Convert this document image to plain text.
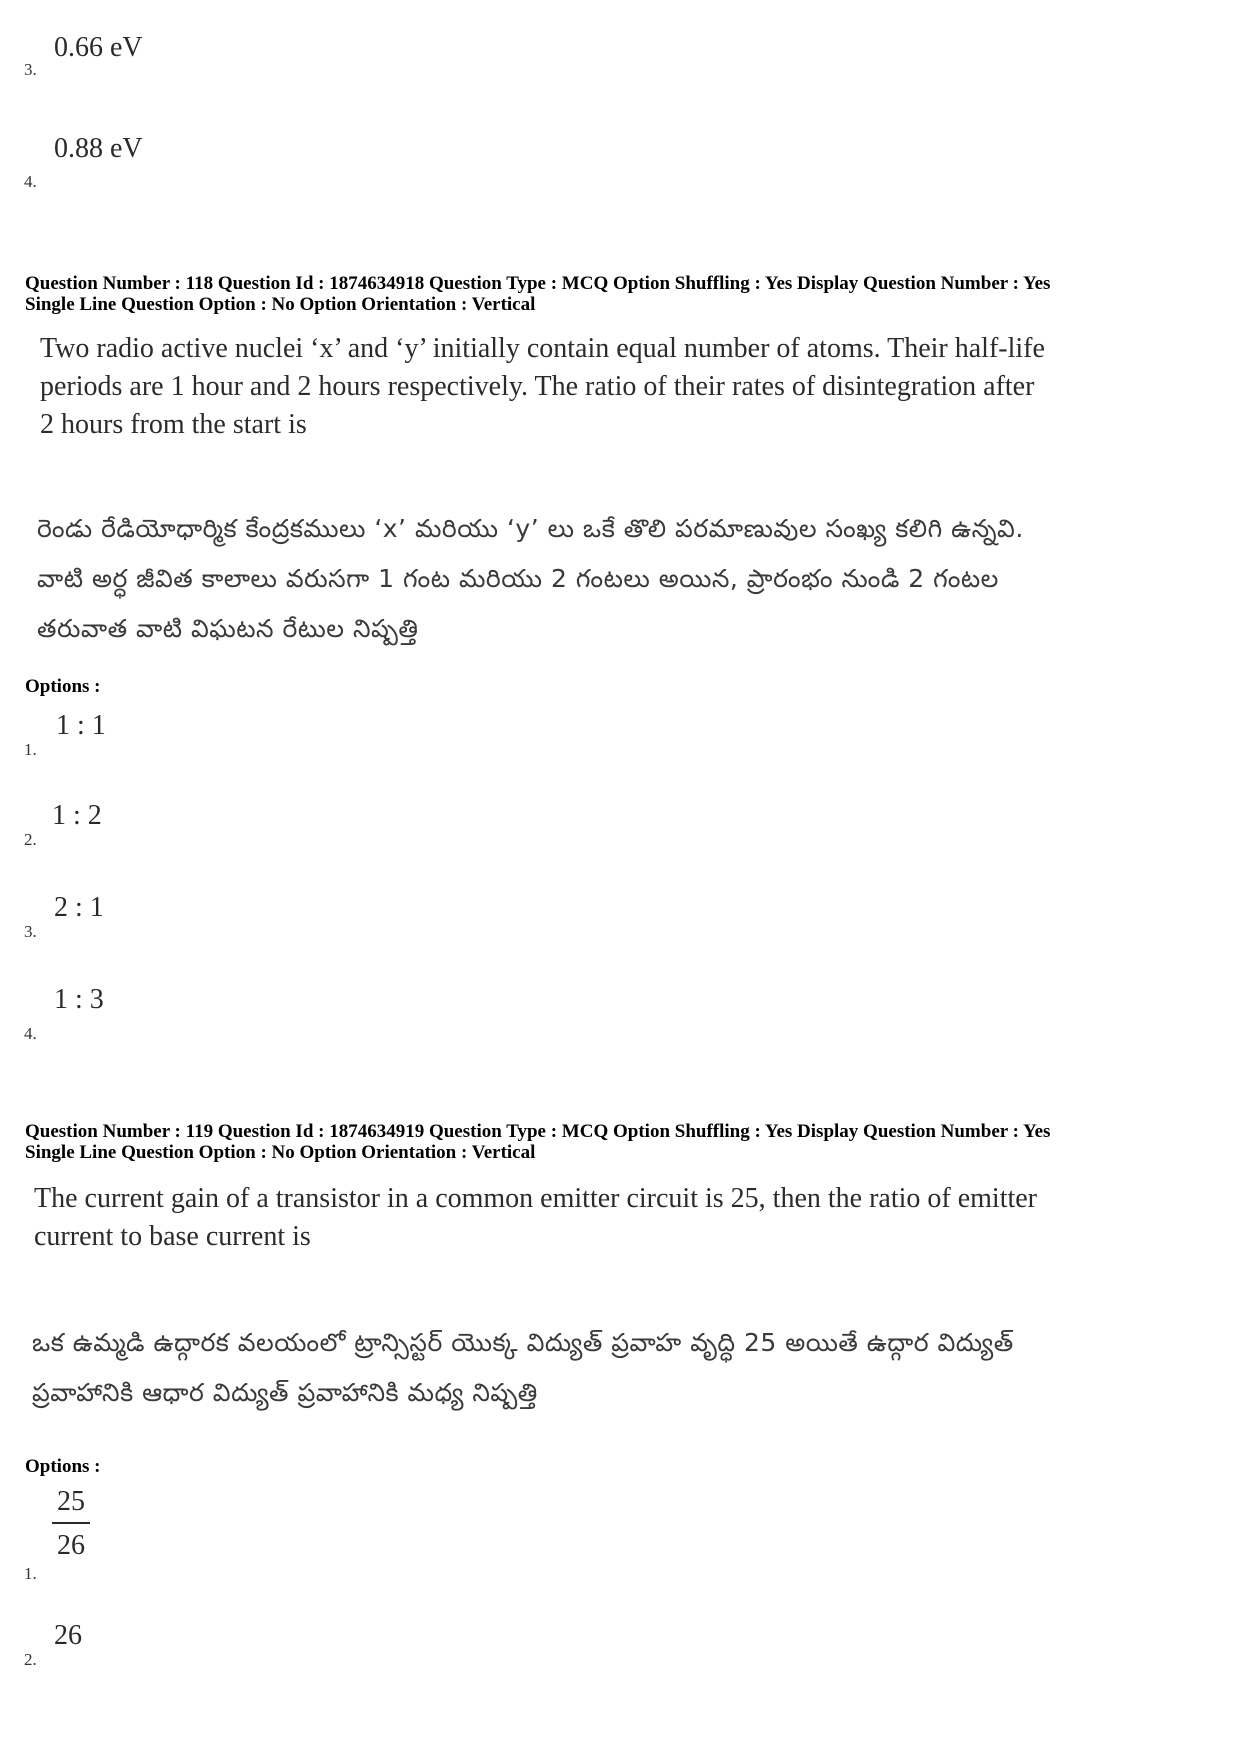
0.66 eV
3.
0.88 eV
4.
Question Number : 118 Question Id : 1874634918 Question Type : MCQ Option Shuffling : Yes Display Question Number : Yes
Single Line Question Option : No Option Orientation : Vertical
Two radio active nuclei ‘x’ and ‘y’ initially contain equal number of atoms. Their half-life
periods are 1 hour and 2 hours respectively. The ratio of their rates of disintegration after
2 hours from the start is
రెండు రేడియోధార్మిక కేంద్రకములు ‘x’ మరియు ‘y’ లు ఒకే తొలి పరమాణువుల సంఖ్య కలిగి ఉన్నవి.
వాటి అర్ధ జీవిత కాలాలు వరుసగా 1 గంట మరియు 2 గంటలు అయిన, ప్రారంభం నుండి 2 గంటల
తరువాత వాటి విఘటన రేటుల నిష్పత్తి
Options :
1 : 1
1.
1 : 2
2.
2 : 1
3.
1 : 3
4.
Question Number : 119 Question Id : 1874634919 Question Type : MCQ Option Shuffling : Yes Display Question Number : Yes
Single Line Question Option : No Option Orientation : Vertical
The current gain of a transistor in a common emitter circuit is 25, then the ratio of emitter
current to base current is
ఒక ఉమ్మడి ఉద్గారక వలయంలో ట్రాన్సిస్టర్ యొక్క విద్యుత్ ప్రవాహ వృద్ధి 25 అయితే ఉద్గార విద్యుత్
ప్రవాహానికి ఆధార విద్యుత్ ప్రవాహానికి మధ్య నిష్పత్తి
Options :
25
26
1.
26
2.
